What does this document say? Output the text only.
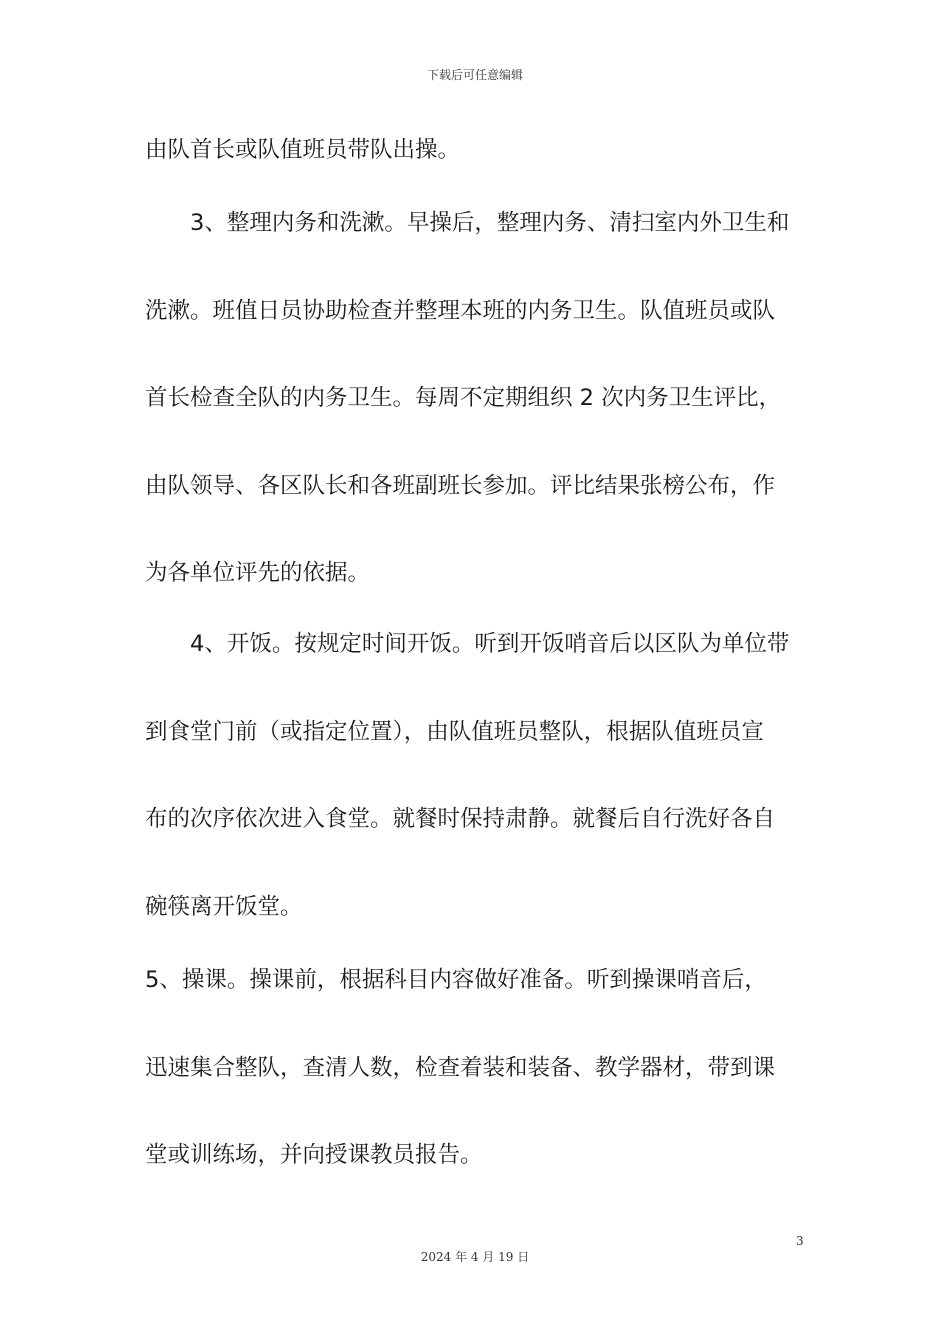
下载后可任意编辑
由队首长或队值班员带队出操。
　　3、整理内务和洗漱。早操后，整理内务、清扫室内外卫生和
洗漱。班值日员协助检查并整理本班的内务卫生。队值班员或队
首长检查全队的内务卫生。每周不定期组织 2 次内务卫生评比，
由队领导、各区队长和各班副班长参加。评比结果张榜公布，作
为各单位评先的依据。
　　4、开饭。按规定时间开饭。听到开饭哨音后以区队为单位带
到食堂门前（或指定位置），由队值班员整队，根据队值班员宣
布的次序依次进入食堂。就餐时保持肃静。就餐后自行洗好各自
碗筷离开饭堂。
5、操课。操课前，根据科目内容做好准备。听到操课哨音后，
迅速集合整队，查清人数，检查着装和装备、教学器材，带到课
堂或训练场，并向授课教员报告。
3
2024 年 4 月 19 日
